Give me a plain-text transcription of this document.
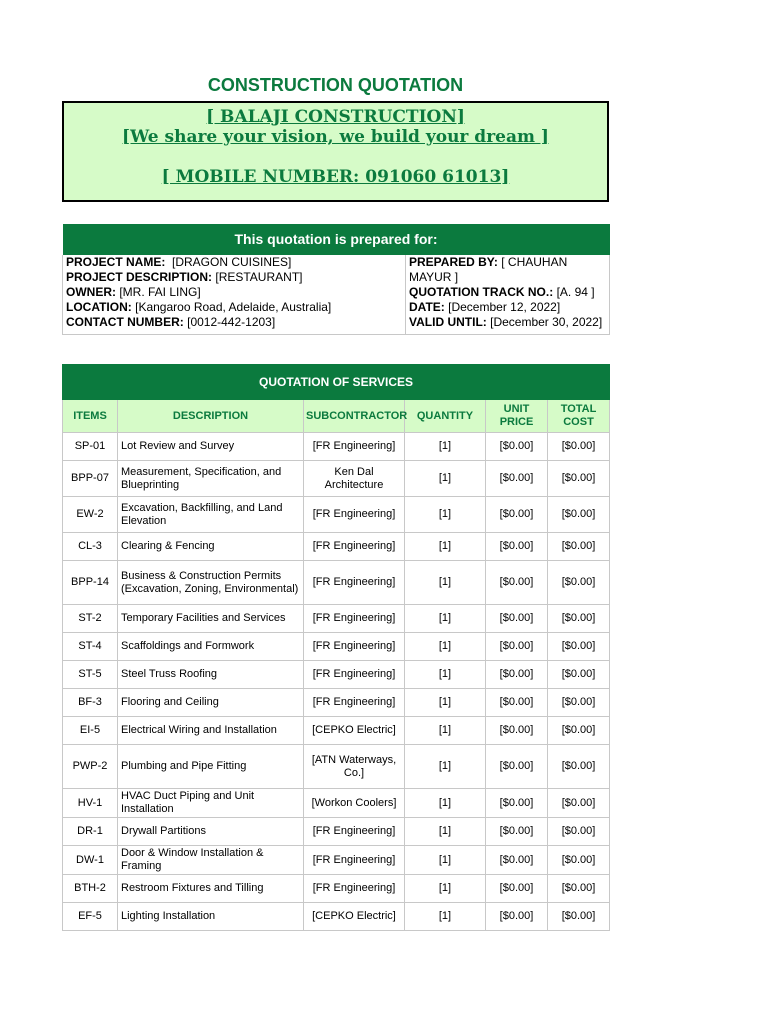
CONSTRUCTION QUOTATION
[ BALAJI CONSTRUCTION]
[We share your vision, we build your dream ]
[ MOBILE NUMBER: 091060 61013]
This quotation is prepared for:

PROJECT NAME: [DRAGON CUISINES]
PROJECT DESCRIPTION: [RESTAURANT]
OWNER: [MR. FAI LING]
LOCATION: [Kangaroo Road, Adelaide, Australia]
CONTACT NUMBER: [0012-442-1203]

PREPARED BY: [ CHAUHAN MAYUR ]
QUOTATION TRACK NO.: [A. 94 ]
DATE: [December 12, 2022]
VALID UNTIL: [December 30, 2022]
QUOTATION OF SERVICES					
ITEMS	DESCRIPTION	SUBCONTRACTOR	QUANTITY	UNIT PRICE	TOTAL COST
SP-01	Lot Review and Survey	[FR Engineering]	[1]	[$0.00]	[$0.00]
BPP-07	Measurement, Specification, and Blueprinting	Ken Dal Architecture	[1]	[$0.00]	[$0.00]
EW-2	Excavation, Backfilling, and Land Elevation	[FR Engineering]	[1]	[$0.00]	[$0.00]
CL-3	Clearing & Fencing	[FR Engineering]	[1]	[$0.00]	[$0.00]
BPP-14	Business & Construction Permits (Excavation, Zoning, Environmental)	[FR Engineering]	[1]	[$0.00]	[$0.00]
ST-2	Temporary Facilities and Services	[FR Engineering]	[1]	[$0.00]	[$0.00]
ST-4	Scaffoldings and Formwork	[FR Engineering]	[1]	[$0.00]	[$0.00]
ST-5	Steel Truss Roofing	[FR Engineering]	[1]	[$0.00]	[$0.00]
BF-3	Flooring and Ceiling	[FR Engineering]	[1]	[$0.00]	[$0.00]
EI-5	Electrical Wiring and Installation	[CEPKO Electric]	[1]	[$0.00]	[$0.00]
PWP-2	Plumbing and Pipe Fitting	[ATN Waterways, Co.]	[1]	[$0.00]	[$0.00]
HV-1	HVAC Duct Piping and Unit Installation	[Workon Coolers]	[1]	[$0.00]	[$0.00]
DR-1	Drywall Partitions	[FR Engineering]	[1]	[$0.00]	[$0.00]
DW-1	Door & Window Installation & Framing	[FR Engineering]	[1]	[$0.00]	[$0.00]
BTH-2	Restroom Fixtures and Tilling	[FR Engineering]	[1]	[$0.00]	[$0.00]
EF-5	Lighting Installation	[CEPKO Electric]	[1]	[$0.00]	[$0.00]
